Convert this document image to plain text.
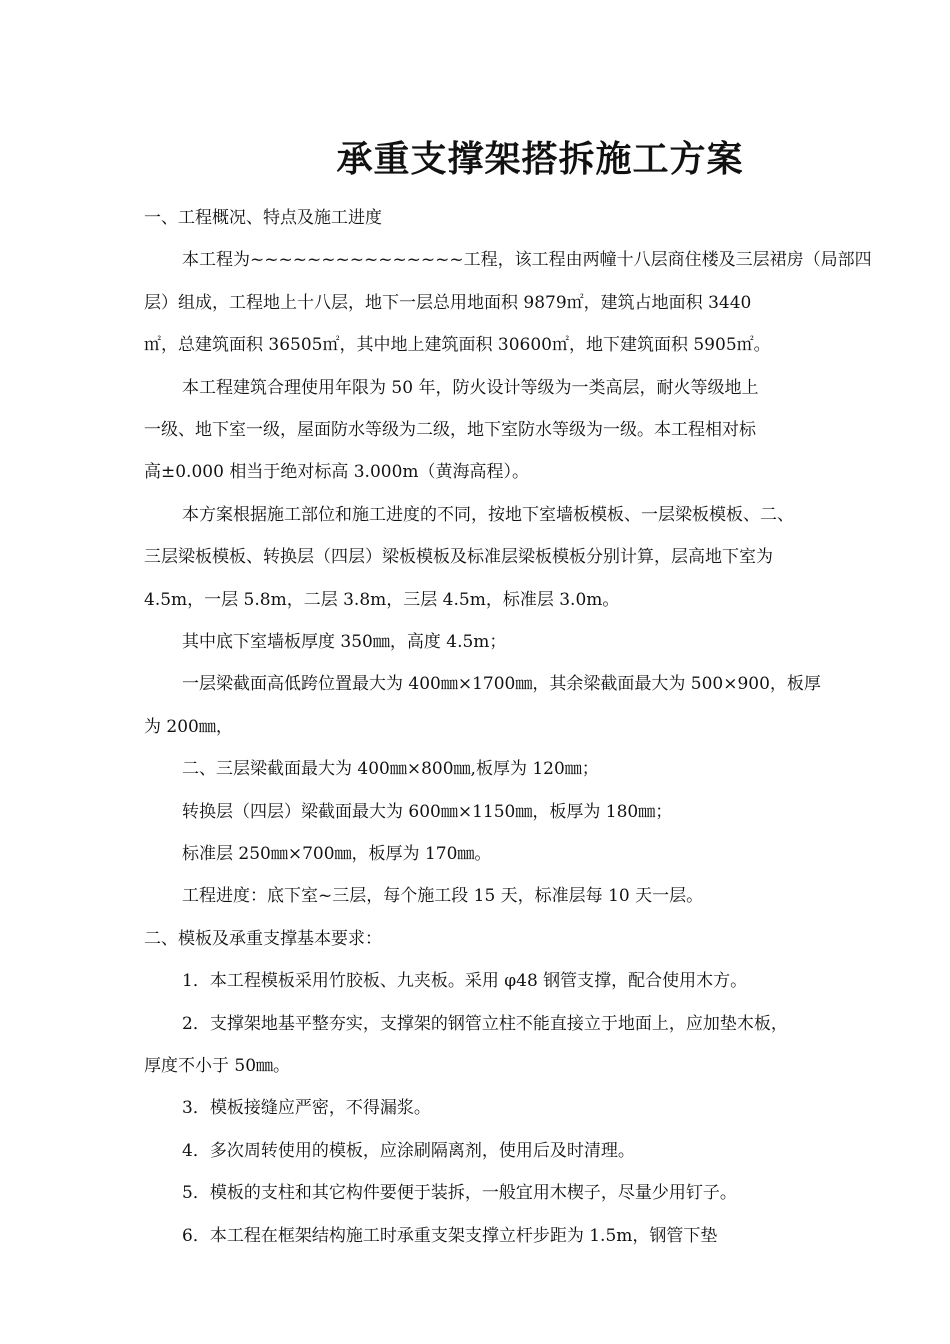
承重支撑架搭拆施工方案
一、工程概况、特点及施工进度
本工程为~~~~~~~~~~~~~~~工程，该工程由两幢十八层商住楼及三层裙房（局部四
层）组成，工程地上十八层，地下一层总用地面积 9879㎡，建筑占地面积 3440
㎡，总建筑面积 36505㎡，其中地上建筑面积 30600㎡，地下建筑面积 5905㎡。
本工程建筑合理使用年限为 50 年，防火设计等级为一类高层，耐火等级地上
一级、地下室一级，屋面防水等级为二级，地下室防水等级为一级。本工程相对标
高±0.000 相当于绝对标高 3.000m（黄海高程）。
本方案根据施工部位和施工进度的不同，按地下室墙板模板、一层梁板模板、二、
三层梁板模板、转换层（四层）梁板模板及标准层梁板模板分别计算，层高地下室为
4.5m，一层 5.8m，二层 3.8m，三层 4.5m，标准层 3.0m。
其中底下室墙板厚度 350㎜，高度 4.5m；
一层梁截面高低跨位置最大为 400㎜×1700㎜，其余梁截面最大为 500×900，板厚
为 200㎜，
二、三层梁截面最大为 400㎜×800㎜,板厚为 120㎜；
转换层（四层）梁截面最大为 600㎜×1150㎜，板厚为 180㎜；
标准层 250㎜×700㎜，板厚为 170㎜。
工程进度：底下室~三层，每个施工段 15 天，标准层每 10 天一层。
二、模板及承重支撑基本要求：
1．本工程模板采用竹胶板、九夹板。采用 φ48 钢管支撑，配合使用木方。
2．支撑架地基平整夯实，支撑架的钢管立柱不能直接立于地面上，应加垫木板，
厚度不小于 50㎜。
3．模板接缝应严密，不得漏浆。
4．多次周转使用的模板，应涂刷隔离剂，使用后及时清理。
5．模板的支柱和其它构件要便于装拆，一般宜用木楔子，尽量少用钉子。
6．本工程在框架结构施工时承重支架支撑立杆步距为 1.5m，钢管下垫
